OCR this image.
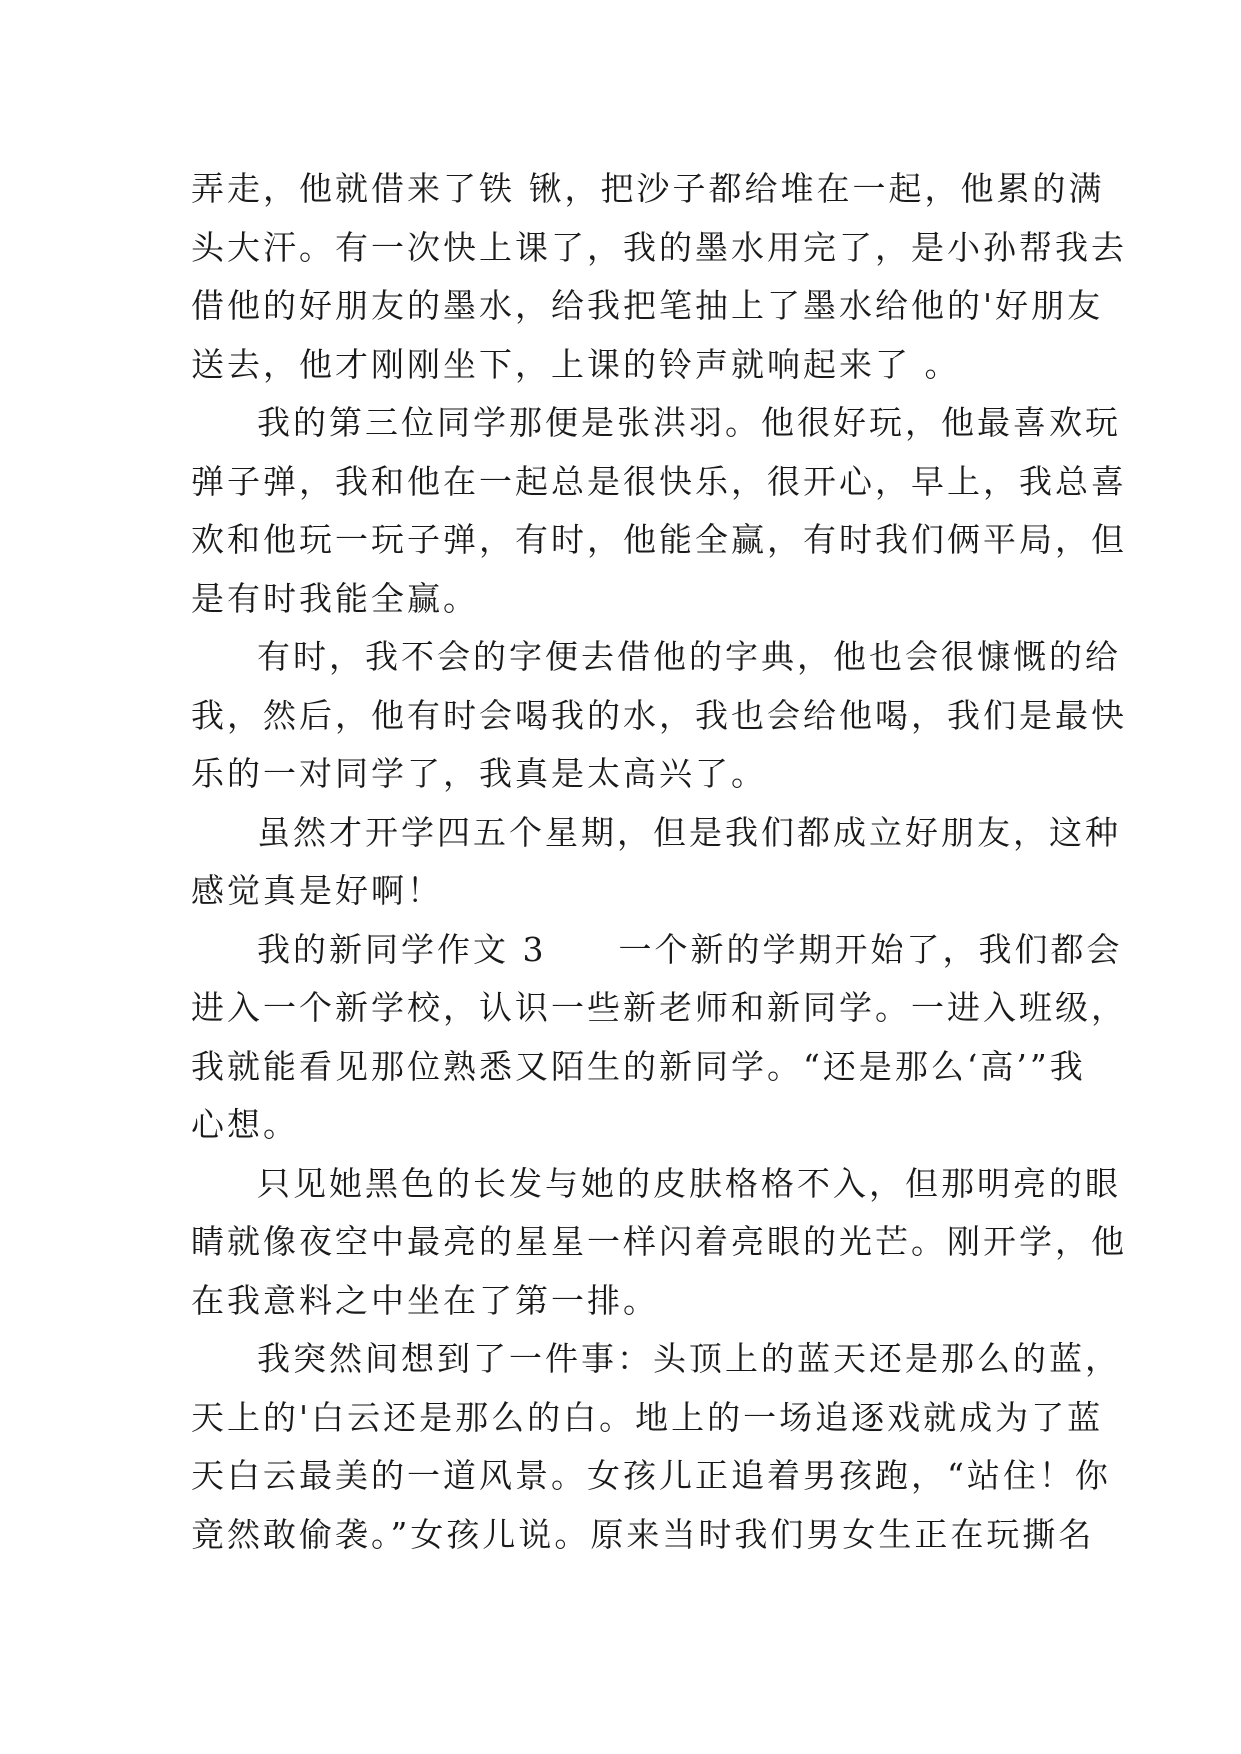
弄走，他就借来了铁 锹，把沙子都给堆在一起，他累的满
头大汗。有一次快上课了，我的墨水用完了，是小孙帮我去
借他的好朋友的墨水，给我把笔抽上了墨水给他的'好朋友
送去，他才刚刚坐下，上课的铃声就响起来了 。
我的第三位同学那便是张洪羽。他很好玩，他最喜欢玩
弹子弹，我和他在一起总是很快乐，很开心，早上，我总喜
欢和他玩一玩子弹，有时，他能全赢，有时我们俩平局，但
是有时我能全赢。
有时，我不会的字便去借他的字典，他也会很慷慨的给
我，然后，他有时会喝我的水，我也会给他喝，我们是最快
乐的一对同学了，我真是太高兴了。
虽然才开学四五个星期，但是我们都成立好朋友，这种
感觉真是好啊！
我的新同学作文 3　　一个新的学期开始了，我们都会
进入一个新学校，认识一些新老师和新同学。一进入班级，
我就能看见那位熟悉又陌生的新同学。“还是那么‘高’”我
心想。
只见她黑色的长发与她的皮肤格格不入，但那明亮的眼
睛就像夜空中最亮的星星一样闪着亮眼的光芒。刚开学，他
在我意料之中坐在了第一排。
我突然间想到了一件事：头顶上的蓝天还是那么的蓝，
天上的'白云还是那么的白。地上的一场追逐戏就成为了蓝
天白云最美的一道风景。女孩儿正追着男孩跑，“站住！你
竟然敢偷袭。”女孩儿说。原来当时我们男女生正在玩撕名
